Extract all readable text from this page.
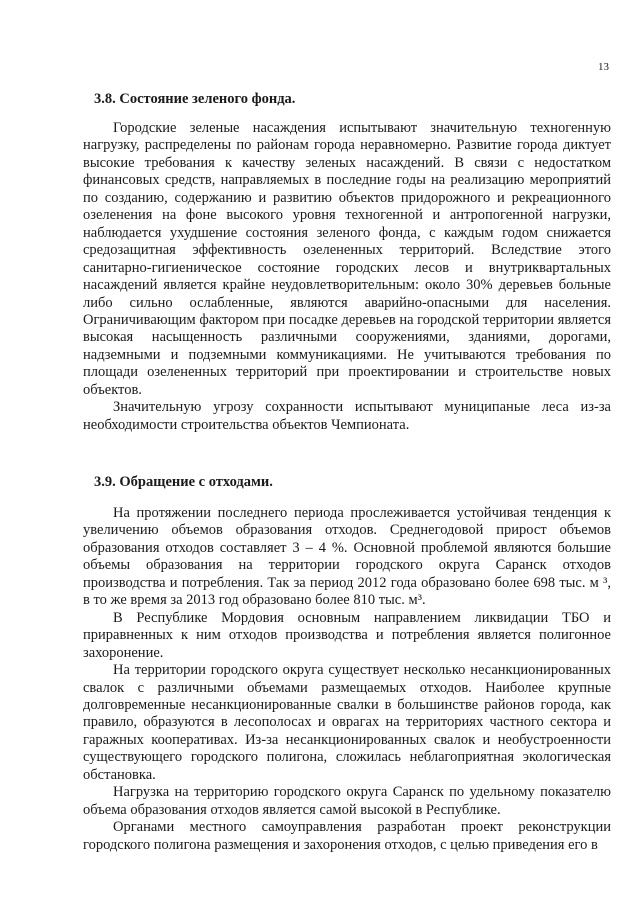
13
3.8. Состояние зеленого фонда.

Городские зеленые насаждения испытывают значительную техногенную нагрузку, распределены по районам города неравномерно. Развитие города диктует высокие требования к качеству зеленых насаждений. В связи с недостатком финансовых средств, направляемых в последние годы на реализацию мероприятий по созданию, содержанию и развитию объектов придорожного и рекреационного озеленения на фоне высокого уровня техногенной и антропогенной нагрузки, наблюдается ухудшение состояния зеленого фонда, с каждым годом снижается средозащитная эффективность озелененных территорий. Вследствие этого санитарно-гигиеническое состояние городских лесов и внутриквартальных насаждений является крайне неудовлетворительным: около 30% деревьев больные либо сильно ослабленные, являются аварийно-опасными для населения. Ограничивающим фактором при посадке деревьев на городской территории является высокая насыщенность различными сооружениями, зданиями, дорогами, надземными и подземными коммуникациями. Не учитываются требования по площади озелененных территорий при проектировании и строительстве новых объектов.

Значительную угрозу сохранности испытывают муниципаные леса из-за необходимости строительства объектов Чемпионата.

3.9. Обращение с отходами.

На протяжении последнего периода прослеживается устойчивая тенденция к увеличению объемов образования отходов. Среднегодовой прирост объемов образования отходов составляет 3 – 4 %. Основной проблемой являются большие объемы образования на территории городского округа Саранск отходов производства и потребления. Так за период 2012 года образовано более 698 тыс. м ³, в то же время за 2013 год образовано более 810 тыс. м³.

В Республике Мордовия основным направлением ликвидации ТБО и приравненных к ним отходов производства и потребления является полигонное захоронение.

На территории городского округа существует несколько несанкционированных свалок с различными объемами размещаемых отходов. Наиболее крупные долговременные несанкционированные свалки в большинстве районов города, как правило, образуются в лесополосах и оврагах на территориях частного сектора и гаражных кооперативах. Из-за несанкционированных свалок и необустроенности существующего городского полигона, сложилась неблагоприятная экологическая обстановка.

Нагрузка на территорию городского округа Саранск по удельному показателю объема образования отходов является самой высокой в Республике.

Органами местного самоуправления разработан проект реконструкции городского полигона размещения и захоронения отходов, с целью приведения его в
